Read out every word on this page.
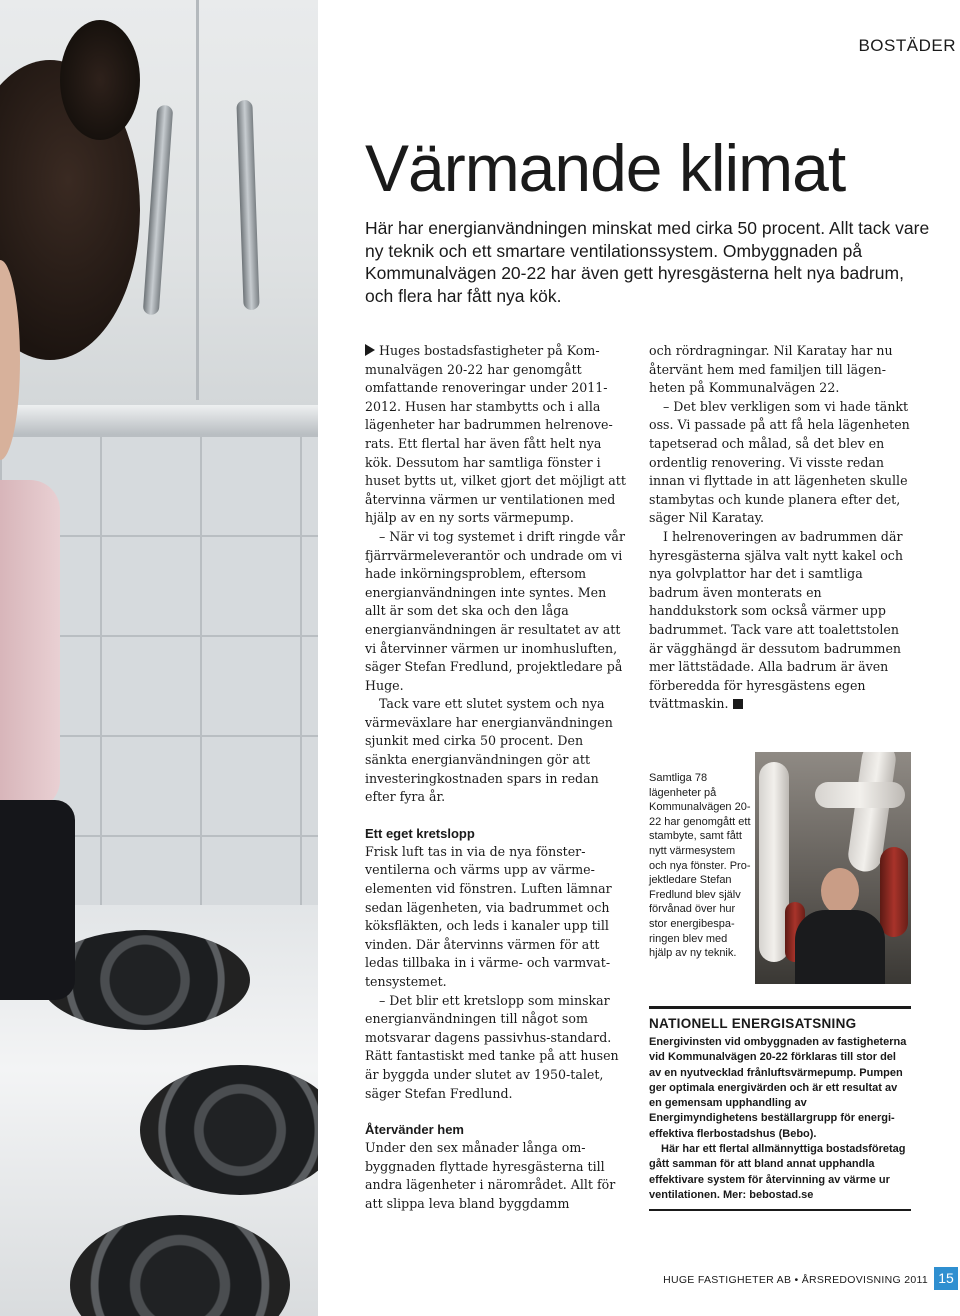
BOSTÄDER
Värmande klimat

Här har energianvändningen minskat med cirka 50 procent. Allt tack vare ny teknik och ett smartare ventilationssystem. Ombyggnaden på Kommunalvägen 20-22 har även gett hyresgästerna helt nya badrum, och flera har fått nya kök.

Huges bostadsfastigheter på Kommunalvägen 20-22 har genomgått omfattande renoveringar under 2011-2012. Husen har stambytts och i alla lägenheter har badrummen helrenoverats. Ett flertal har även fått helt nya kök. Dessutom har samtliga fönster i huset bytts ut, vilket gjort det möjligt att återvinna värmen ur ventilationen med hjälp av en ny sorts värmepump.

– När vi tog systemet i drift ringde vår fjärrvärmeleverantör och undrade om vi hade inkörningsproblem, eftersom energianvändningen inte syntes. Men allt är som det ska och den låga energianvändningen är resultatet av att vi återvinner värmen ur inomhusluften, säger Stefan Fredlund, projektledare på Huge.

Tack vare ett slutet system och nya värmeväxlare har energianvändningen sjunkit med cirka 50 procent. Den sänkta energianvändningen gör att investeringkostnaden spars in redan efter fyra år.

Ett eget kretslopp

Frisk luft tas in via de nya fönsterventilerna och värms upp av värmeelementen vid fönstren. Luften lämnar sedan lägenheten, via badrummet och köksfläkten, och leds i kanaler upp till vinden. Där återvinns värmen för att ledas tillbaka in i värme- och varmvattensystemet.

– Det blir ett kretslopp som minskar energianvändningen till något som motsvarar dagens passivhus-standard. Rätt fantastiskt med tanke på att husen är byggda under slutet av 1950-talet, säger Stefan Fredlund.

Återvänder hem

Under den sex månader långa ombyggnaden flyttade hyresgästerna till andra lägenheter i närområdet. Allt för att slippa leva bland byggdamm

och rördragningar. Nil Karatay har nu återvänt hem med familjen till lägenheten på Kommunalvägen 22.

– Det blev verkligen som vi hade tänkt oss. Vi passade på att få hela lägenheten tapetserad och målad, så det blev en ordentlig renovering. Vi visste redan innan vi flyttade in att lägenheten skulle stambytas och kunde planera efter det, säger Nil Karatay.

I helrenoveringen av badrummen där hyresgästerna själva valt nytt kakel och nya golvplattor har det i samtliga badrum även monterats en handdukstork som också värmer upp badrummet. Tack vare att toalettstolen är vägghängd är dessutom badrummen mer lättstädade. Alla badrum är även förberedda för hyresgästens egen tvättmaskin.

Samtliga 78 lägenheter på Kommunalvägen 20-22 har genomgått ett stambyte, samt fått nytt värmesystem och nya fönster. Projektledare Stefan Fredlund blev själv förvånad över hur stor energibesparingen blev med hjälp av ny teknik.

NATIONELL ENERGISATSNING

Energivinsten vid ombyggnaden av fastigheterna vid Kommunalvägen 20-22 förklaras till stor del av en nyutvecklad frånluftsvärmepump. Pumpen ger optimala energivärden och är ett resultat av en gemensam upphandling av Energimyndighetens beställargrupp för energieffektiva flerbostadshus (Bebo).

Här har ett flertal allmännyttiga bostadsföretag gått samman för att bland annat upphandla effektivare system för återvinning av värme ur ventilationen. Mer: bebostad.se

HUGE FASTIGHETER AB • ÅRSREDOVISNING 2011 15
